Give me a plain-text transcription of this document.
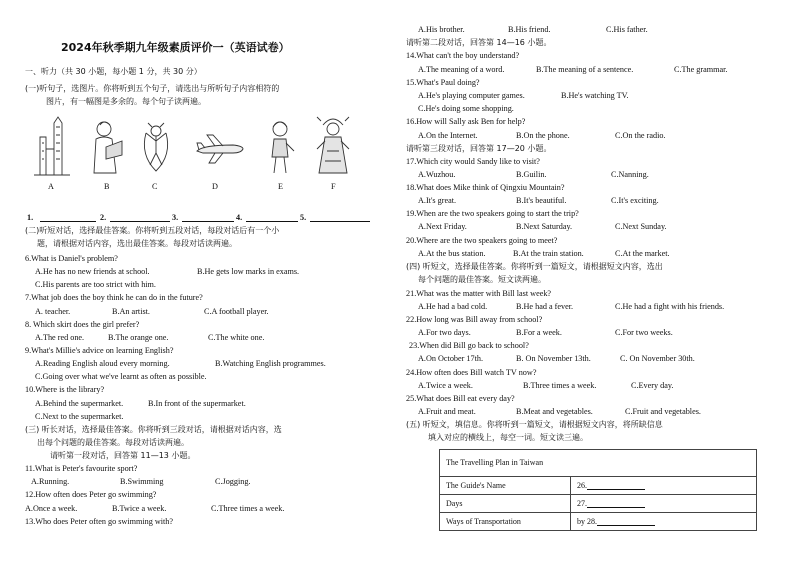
2024年秋季期九年级素质评价一（英语试卷）
一、听力（共 30 小题，每小题 1 分，共 30 分）
(一)听句子，选图片。你将听到五个句子，请选出与所听句子内容相符的
图片，有一幅图是多余的。每个句子读两遍。
A	B	C	D	E	F
1.	2.	3.	4.	5.
(二)听短对话，选择最佳答案。你将听到五段对话，每段对话后有一个小
题，请根据对话内容，选出最佳答案。每段对话读两遍。
6.What is Daniel's problem?
A.He has no new friends at school.	B.He gets low marks in exams.
C.His parents are too strict with him.
7.What job does the boy think he can do in the future?
A. teacher.	B.An artist.	C.A football player.
8. Which skirt does the girl prefer?
A.The red one.	B.The orange one.	C.The white one.
9.What's Millie's advice on learning English?
A.Reading English aloud every morning.	B.Watching English programmes.
C.Going over what we've learnt as often as possible.
10.Where is the library?
A.Behind the supermarket.	B.In front of the supermarket.
C.Next to the supermarket.
(三) 听长对话，选择最佳答案。你将听到三段对话，请根据对话内容，选
出每个问题的最佳答案。每段对话读两遍。
请听第一段对话，回答第 11—13 小题。
11.What is Peter's favourite sport?
A.Running.	B.Swimming	C.Jogging.
12.How often does Peter go swimming?
A.Once a week.	B.Twice a week.	C.Three times a week.
13.Who does Peter often go swimming with?
A.His brother.	B.His friend.	C.His father.
请听第二段对话，回答第 14—16 小题。
14.What can't the boy understand?
A.The meaning of a word.	B.The meaning of a sentence.	C.The grammar.
15.What's Paul doing?
A.He's playing computer games.	B.He's watching TV.
C.He's doing some shopping.
16.How will Sally ask Ben for help?
A.On the Internet.	B.On the phone.	C.On the radio.
请听第三段对话，回答第 17—20 小题。
17.Which city would Sandy like to visit?
A.Wuzhou.	B.Guilin.	C.Nanning.
18.What does Mike think of Qingxiu Mountain?
A.It's great.	B.It's beautiful.	C.It's exciting.
19.When are the two speakers going to start the trip?
A.Next Friday.	B.Next Saturday.	C.Next Sunday.
20.Where are the two speakers going to meet?
A.At the bus station.	B.At the train station.	C.At the market.
(四) 听短文，选择最佳答案。你将听到一篇短文，请根据短文内容，选出
每个问题的最佳答案。短文读两遍。
21.What was the matter with Bill last week?
A.He had a bad cold.	B.He had a fever.	C.He had a fight with his friends.
22.How long was Bill away from school?
A.For two days.	B.For a week.	C.For two weeks.
23.When did Bill go back to school?
A.On October 17th.	B. On November 13th.	C. On November 30th.
24.How often does Bill watch TV now?
A.Twice a week.	B.Three times a week.	C.Every day.
25.What does Bill eat every day?
A.Fruit and meat.	B.Meat and vegetables.	C.Fruit and vegetables.
(五) 听短文，填信息。你将听到一篇短文，请根据短文内容，将所缺信息
填入对应的横线上，每空一词。短文读三遍。
The Travelling Plan in Taiwan	
The Guide's Name	26.
Days	27.
Ways of Transportation	by 28.
